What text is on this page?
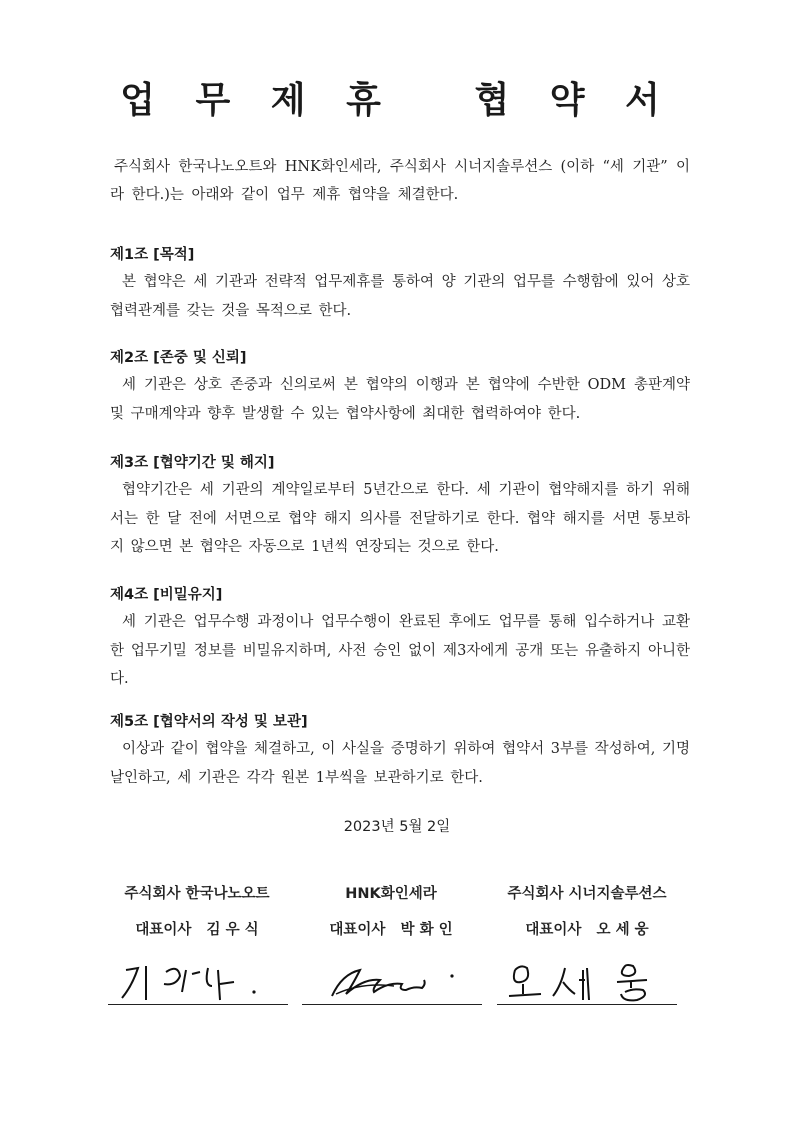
업 무 제 휴   협 약 서
주식회사 한국나노오트와 HNK화인세라, 주식회사 시너지솔루션스 (이하 “세 기관” 이라 한다.)는 아래와 같이 업무 제휴 협약을 체결한다.
제1조 [목적]
본 협약은 세 기관과 전략적 업무제휴를 통하여 양 기관의 업무를 수행함에 있어 상호 협력관계를 갖는 것을 목적으로 한다.
제2조 [존중 및 신뢰]
세 기관은 상호 존중과 신의로써 본 협약의 이행과 본 협약에 수반한 ODM 총판계약 및 구매계약과 향후 발생할 수 있는 협약사항에 최대한 협력하여야 한다.
제3조 [협약기간 및 해지]
협약기간은 세 기관의 계약일로부터 5년간으로 한다. 세 기관이 협약해지를 하기 위해서는 한 달 전에 서면으로 협약 해지 의사를 전달하기로 한다. 협약 해지를 서면 통보하지 않으면 본 협약은 자동으로 1년씩 연장되는 것으로 한다.
제4조 [비밀유지]
세 기관은 업무수행 과정이나 업무수행이 완료된 후에도 업무를 통해 입수하거나 교환한 업무기밀 정보를 비밀유지하며, 사전 승인 없이 제3자에게 공개 또는 유출하지 아니한다.
제5조 [협약서의 작성 및 보관]
이상과 같이 협약을 체결하고, 이 사실을 증명하기 위하여 협약서 3부를 작성하여, 기명날인하고, 세 기관은 각각 원본 1부씩을 보관하기로 한다.
2023년 5월 2일
주식회사 한국나노오트
대표이사   김 우 식
HNK화인세라
대표이사   박 화 인
주식회사 시너지솔루션스
대표이사   오 세 웅
